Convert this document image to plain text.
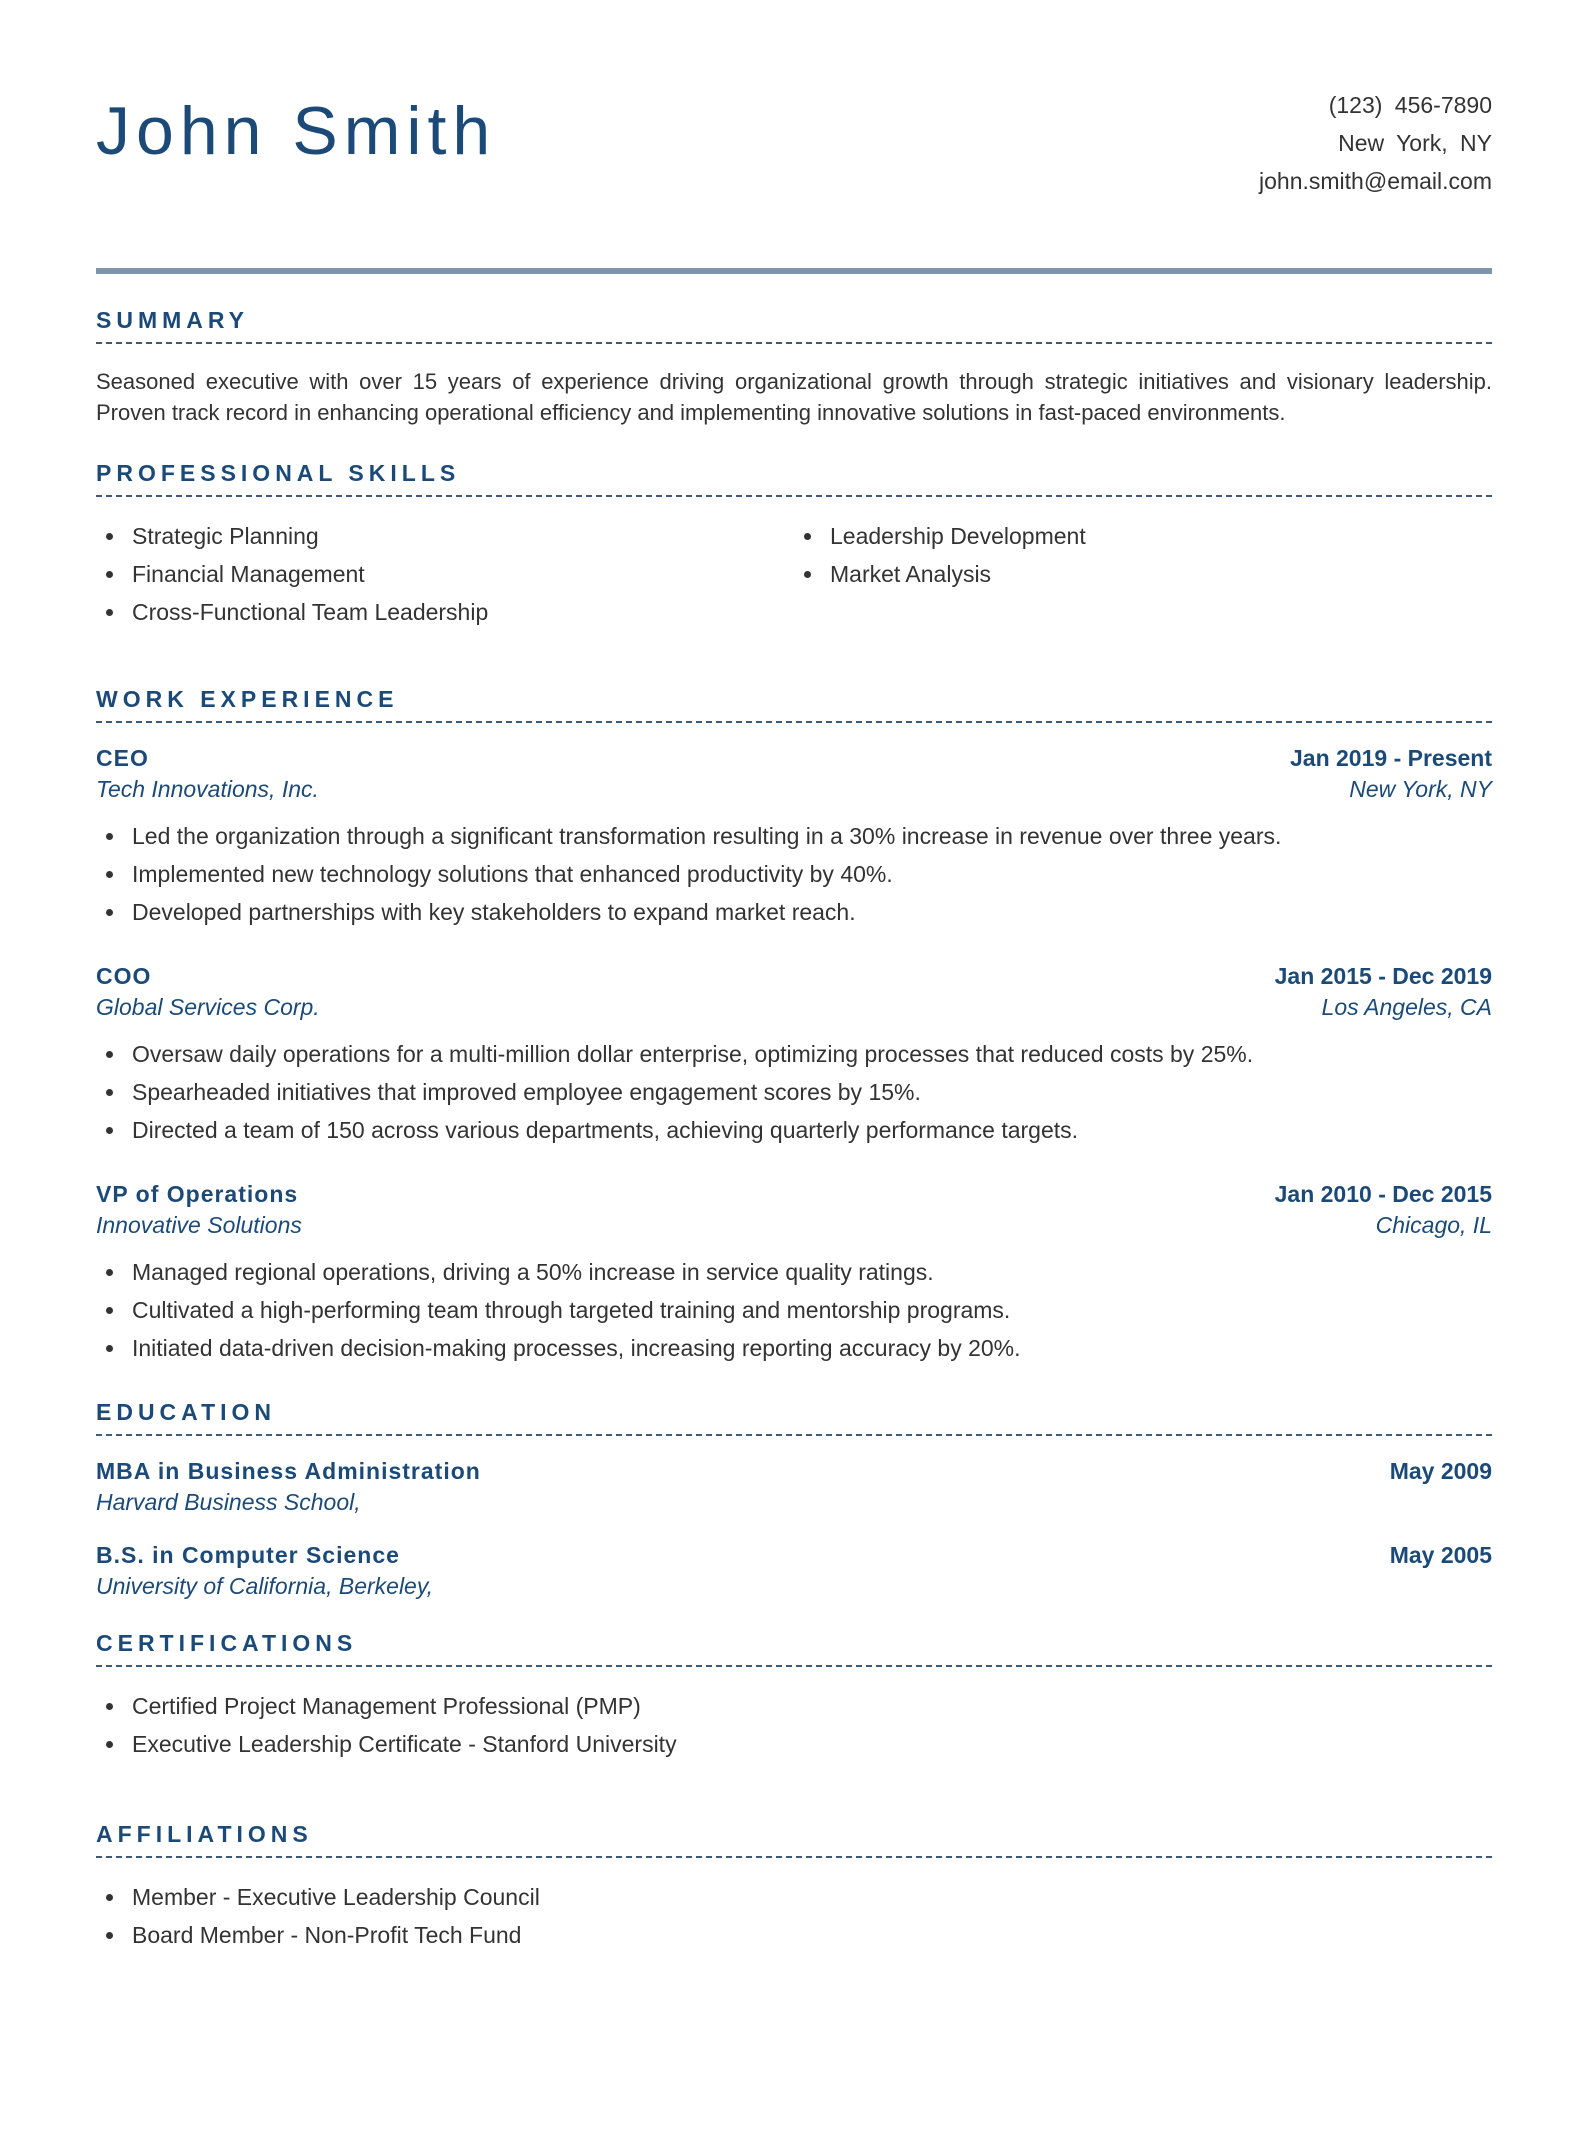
John Smith	(123) 456-7890
New York, NY
john.smith@email.com
SUMMARY

Seasoned executive with over 15 years of experience driving organizational growth through strategic initiatives and visionary leadership. Proven track record in enhancing operational efficiency and implementing innovative solutions in fast-paced environments.

PROFESSIONAL SKILLS
Strategic Planning
Financial Management
Cross-Functional Team Leadership
Leadership Development
Market Analysis
WORK EXPERIENCE
CEO	Jan 2019 - Present
Tech Innovations, Inc.	New York, NY
Led the organization through a significant transformation resulting in a 30% increase in revenue over three years.
Implemented new technology solutions that enhanced productivity by 40%.
Developed partnerships with key stakeholders to expand market reach.
COO	Jan 2015 - Dec 2019
Global Services Corp.	Los Angeles, CA
Oversaw daily operations for a multi-million dollar enterprise, optimizing processes that reduced costs by 25%.
Spearheaded initiatives that improved employee engagement scores by 15%.
Directed a team of 150 across various departments, achieving quarterly performance targets.
VP of Operations	Jan 2010 - Dec 2015
Innovative Solutions	Chicago, IL
Managed regional operations, driving a 50% increase in service quality ratings.
Cultivated a high-performing team through targeted training and mentorship programs.
Initiated data-driven decision-making processes, increasing reporting accuracy by 20%.
EDUCATION
MBA in Business Administration	May 2009
Harvard Business School,
B.S. in Computer Science	May 2005
University of California, Berkeley,
CERTIFICATIONS
Certified Project Management Professional (PMP)
Executive Leadership Certificate - Stanford University
AFFILIATIONS
Member - Executive Leadership Council
Board Member - Non-Profit Tech Fund
